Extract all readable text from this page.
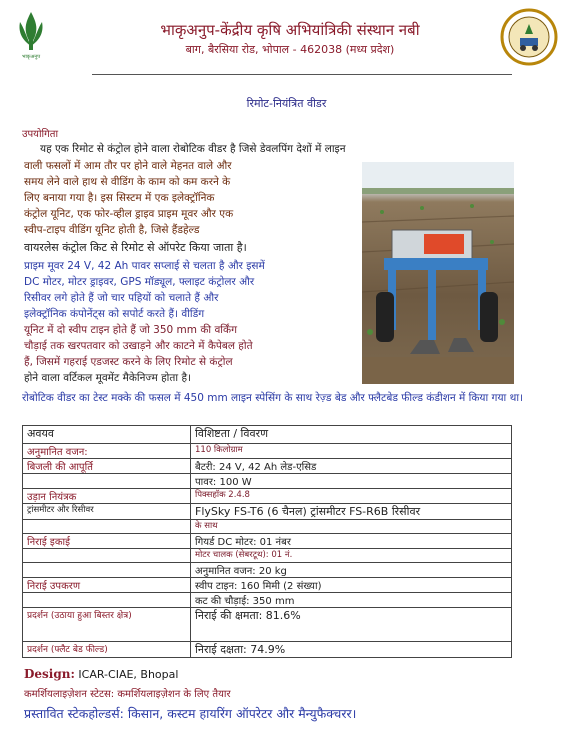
भाकृअनुप
भाकृअनुप-केंद्रीय कृषि अभियांत्रिकी संस्थान नबी
बाग, बैरसिया रोड, भोपाल - 462038 (मध्य प्रदेश)
रिमोट-नियंत्रित वीडर
उपयोगिता
यह एक रिमोट से कंट्रोल होने वाला रोबोटिक वीडर है जिसे डेवलपिंग देशों में लाइन
वाली फसलों में आम तौर पर होने वाले मेहनत वाले और
समय लेने वाले हाथ से वीडिंग के काम को कम करने के
लिए बनाया गया है। इस सिस्टम में एक इलेक्ट्रॉनिक
कंट्रोल यूनिट, एक फोर-व्हील ड्राइव प्राइम मूवर और एक
स्वीप-टाइप वीडिंग यूनिट होती है, जिसे हैंडहेल्ड
वायरलेस कंट्रोल किट से रिमोट से ऑपरेट किया जाता है।
प्राइम मूवर 24 V, 42 Ah पावर सप्लाई से चलता है और इसमें
DC मोटर, मोटर ड्राइवर, GPS मॉड्यूल, फ्लाइट कंट्रोलर और
रिसीवर लगे होते हैं जो चार पहियों को चलाते हैं और
इलेक्ट्रॉनिक कंपोनेंट्स को सपोर्ट करते हैं। वीडिंग
यूनिट में दो स्वीप टाइन होते हैं जो 350 mm की वर्किंग
चौड़ाई तक खरपतवार को उखाड़ने और काटने में कैपेबल होते
हैं, जिसमें गहराई एडजस्ट करने के लिए रिमोट से कंट्रोल
होने वाला वर्टिकल मूवमेंट मैकेनिज्म होता है।
रोबोटिक वीडर का टेस्ट मक्के की फसल में 450 mm लाइन स्पेसिंग के साथ रेज़्ड बेड और फ्लैटबेड फील्ड कंडीशन में किया गया था।
अवयव	विशिष्टता / विवरण
अनुमानित वजन:	110 किलोग्राम
बिजली की आपूर्ति	बैटरी: 24 V, 42 Ah लेड-एसिड
	पावर: 100 W
उड़ान नियंत्रक	पिक्सहॉक 2.4.8
ट्रांसमीटर और रिसीवर	FlySky FS-T6 (6 चैनल) ट्रांसमीटर FS-R6B रिसीवर
	के साथ
निराई इकाई	गियर्ड DC मोटर: 01 नंबर
	मोटर चालक (सेबरटूथ): 01 नं.
	अनुमानित वजन: 20 kg
निराई उपकरण	स्वीप टाइन: 160 मिमी (2 संख्या)
	कट की चौड़ाई: 350 mm
प्रदर्शन (उठाया हुआ बिस्तर क्षेत्र)	निराई की क्षमता: 81.6%
प्रदर्शन (फ्लैट बेड फील्ड)	निराई दक्षता: 74.9%
Design: ICAR-CIAE, Bhopal
कमर्शियलाइज़ेशन स्टेटस: कमर्शियलाइज़ेशन के लिए तैयार
प्रस्तावित स्टेकहोल्डर्स: किसान, कस्टम हायरिंग ऑपरेटर और मैन्युफैक्चरर।
